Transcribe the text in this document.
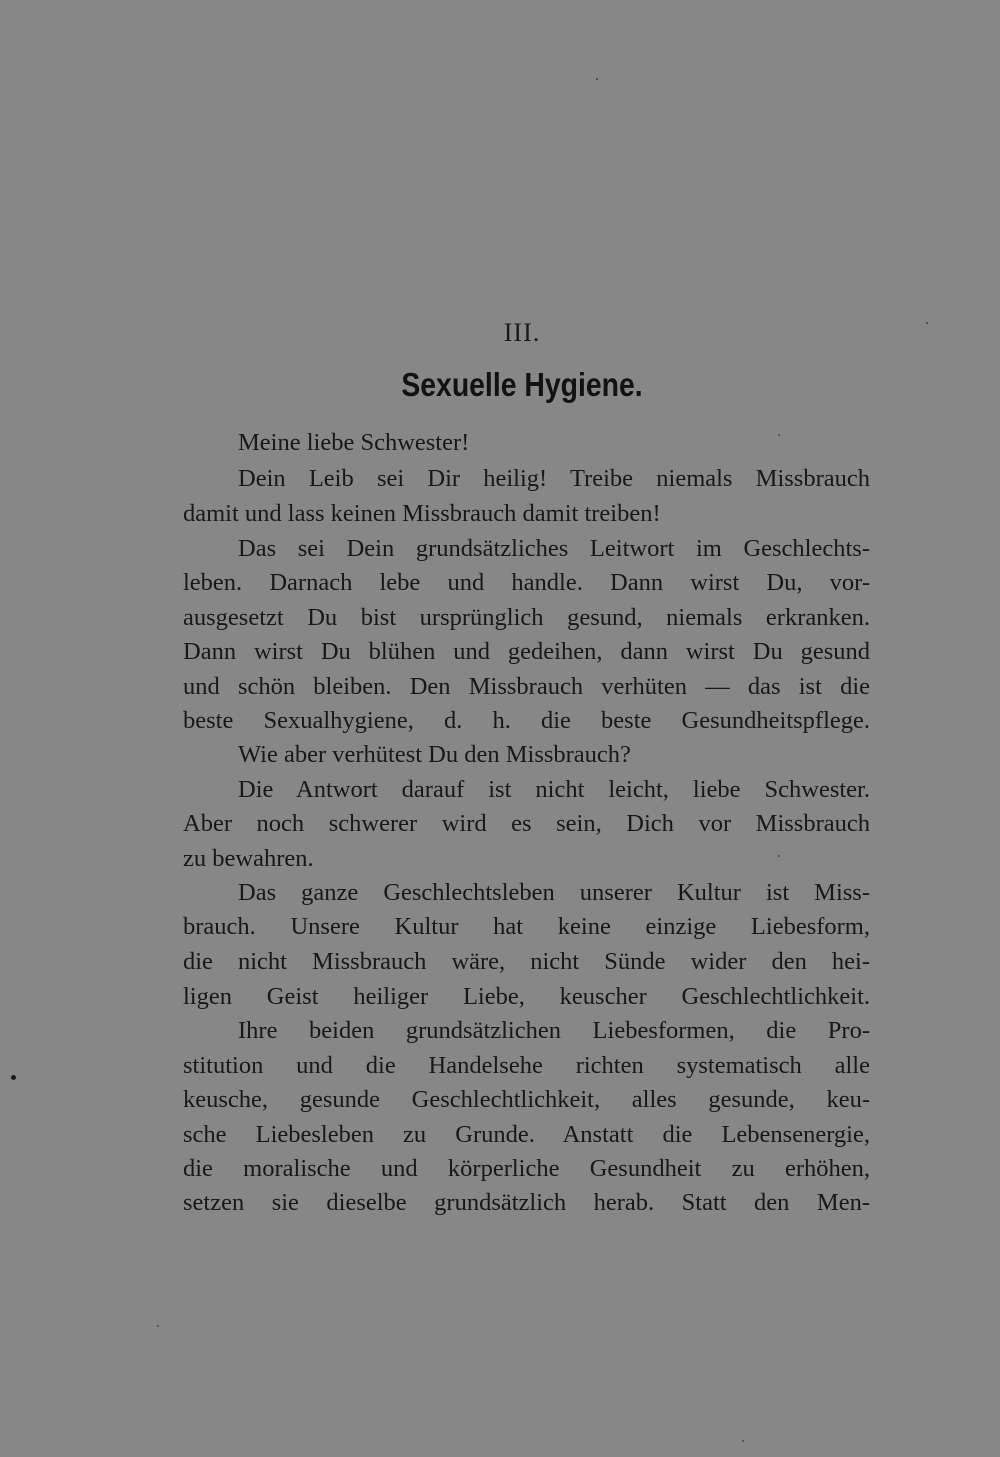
III.
Sexuelle Hygiene.
Meine liebe Schwester!
Dein Leib sei Dir heilig! Treibe niemals Missbrauch
damit und lass keinen Missbrauch damit treiben!
Das sei Dein grundsätzliches Leitwort im Geschlechts-
leben. Darnach lebe und handle. Dann wirst Du, vor-
ausgesetzt Du bist ursprünglich gesund, niemals erkranken.
Dann wirst Du blühen und gedeihen, dann wirst Du gesund
und schön bleiben. Den Missbrauch verhüten — das ist die
beste Sexualhygiene, d. h. die beste Gesundheitspflege.
Wie aber verhütest Du den Missbrauch?
Die Antwort darauf ist nicht leicht, liebe Schwester.
Aber noch schwerer wird es sein, Dich vor Missbrauch
zu bewahren.
Das ganze Geschlechtsleben unserer Kultur ist Miss-
brauch. Unsere Kultur hat keine einzige Liebesform,
die nicht Missbrauch wäre, nicht Sünde wider den hei-
ligen Geist heiliger Liebe, keuscher Geschlechtlichkeit.
Ihre beiden grundsätzlichen Liebesformen, die Pro-
stitution und die Handelsehe richten systematisch alle
keusche, gesunde Geschlechtlichkeit, alles gesunde, keu-
sche Liebesleben zu Grunde. Anstatt die Lebensenergie,
die moralische und körperliche Gesundheit zu erhöhen,
setzen sie dieselbe grundsätzlich herab. Statt den Men-
